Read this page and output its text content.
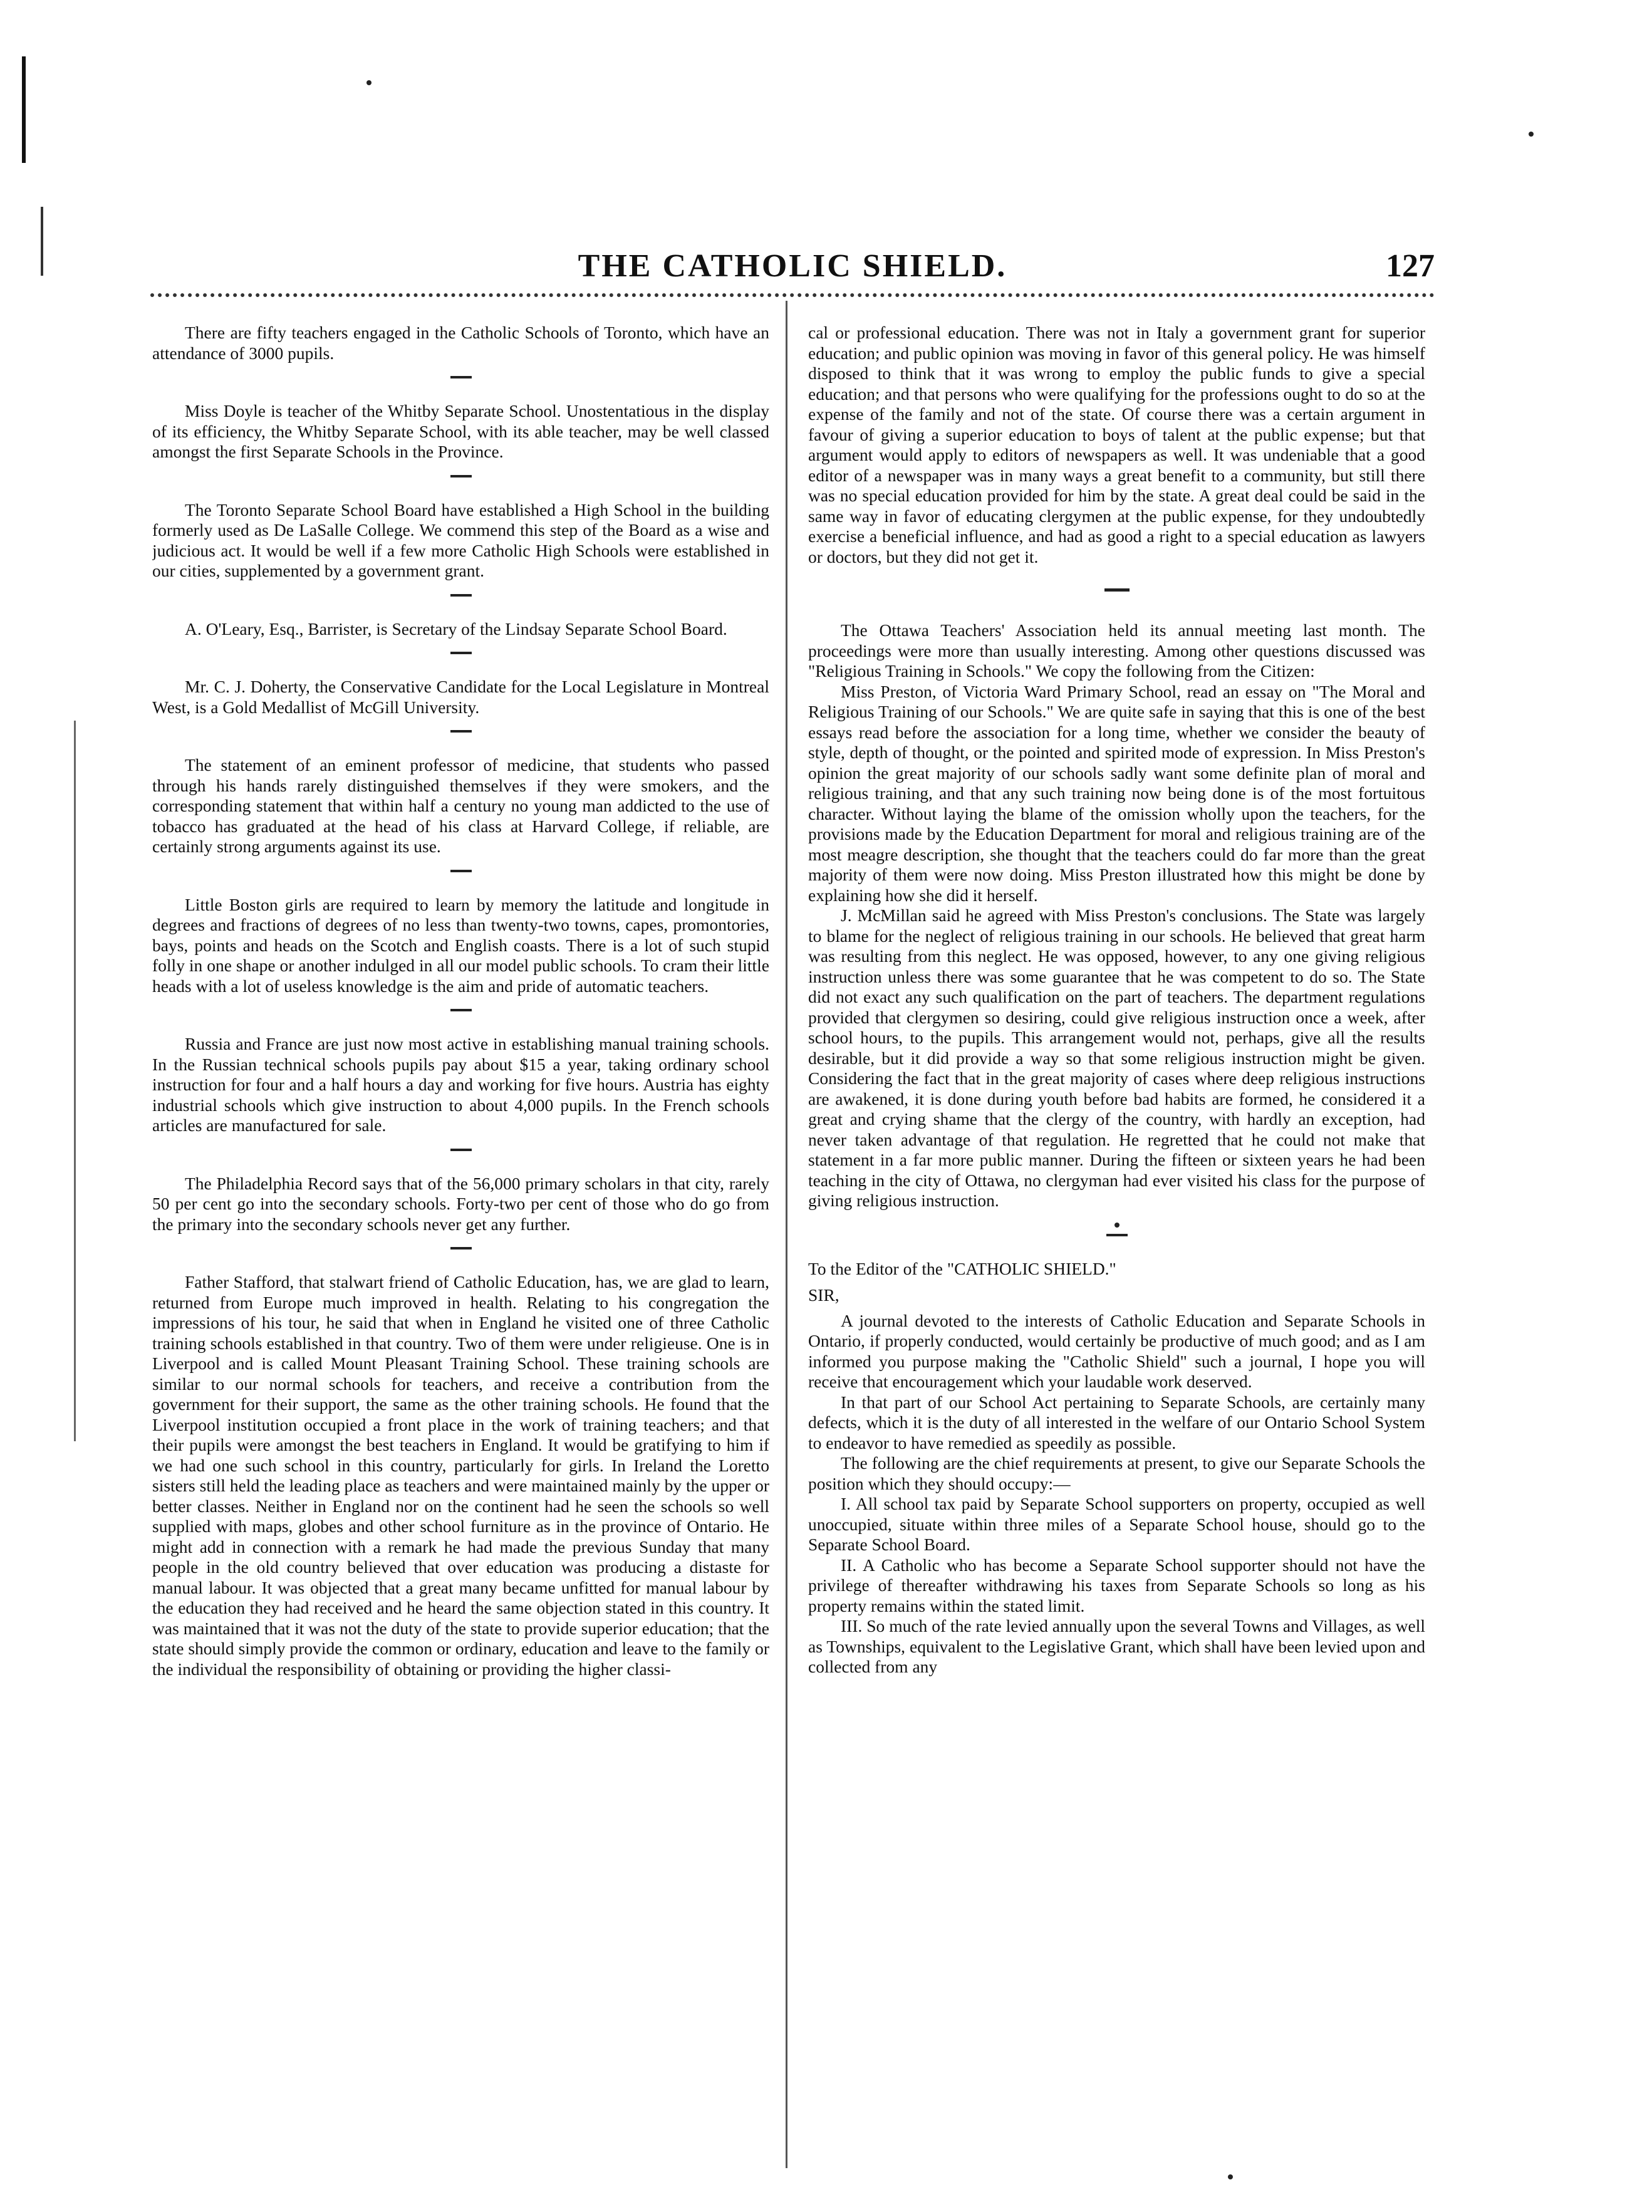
THE CATHOLIC SHIELD.	127

There are fifty teachers engaged in the Catholic Schools of Toronto, which have an attendance of 3000 pupils.

Miss Doyle is teacher of the Whitby Separate School. Unostentatious in the display of its efficiency, the Whitby Separate School, with its able teacher, may be well classed amongst the first Separate Schools in the Province.

The Toronto Separate School Board have established a High School in the building formerly used as De LaSalle College. We commend this step of the Board as a wise and judicious act. It would be well if a few more Catholic High Schools were established in our cities, supplemented by a government grant.

A. O'Leary, Esq., Barrister, is Secretary of the Lindsay Separate School Board.

Mr. C. J. Doherty, the Conservative Candidate for the Local Legislature in Montreal West, is a Gold Medallist of McGill University.

The statement of an eminent professor of medicine, that students who passed through his hands rarely distinguished themselves if they were smokers, and the corresponding statement that within half a century no young man addicted to the use of tobacco has graduated at the head of his class at Harvard College, if reliable, are certainly strong arguments against its use.

Little Boston girls are required to learn by memory the latitude and longitude in degrees and fractions of degrees of no less than twenty-two towns, capes, promontories, bays, points and heads on the Scotch and English coasts. There is a lot of such stupid folly in one shape or another indulged in all our model public schools. To cram their little heads with a lot of useless knowledge is the aim and pride of automatic teachers.

Russia and France are just now most active in establishing manual training schools. In the Russian technical schools pupils pay about $15 a year, taking ordinary school instruction for four and a half hours a day and working for five hours. Austria has eighty industrial schools which give instruction to about 4,000 pupils. In the French schools articles are manufactured for sale.

The Philadelphia Record says that of the 56,000 primary scholars in that city, rarely 50 per cent go into the secondary schools. Forty-two per cent of those who do go from the primary into the secondary schools never get any further.

Father Stafford, that stalwart friend of Catholic Education, has, we are glad to learn, returned from Europe much improved in health. Relating to his congregation the impressions of his tour, he said that when in England he visited one of three Catholic training schools established in that country. Two of them were under religieuse. One is in Liverpool and is called Mount Pleasant Training School. These training schools are similar to our normal schools for teachers, and receive a contribution from the government for their support, the same as the other training schools. He found that the Liverpool institution occupied a front place in the work of training teachers; and that their pupils were amongst the best teachers in England. It would be gratifying to him if we had one such school in this country, particularly for girls. In Ireland the Loretto sisters still held the leading place as teachers and were maintained mainly by the upper or better classes. Neither in England nor on the continent had he seen the schools so well supplied with maps, globes and other school furniture as in the province of Ontario. He might add in connection with a remark he had made the previous Sunday that many people in the old country believed that over education was producing a distaste for manual labour. It was objected that a great many became unfitted for manual labour by the education they had received and he heard the same objection stated in this country. It was maintained that it was not the duty of the state to provide superior education; that the state should simply provide the common or ordinary, education and leave to the family or the individual the responsibility of obtaining or providing the higher classi-

cal or professional education. There was not in Italy a government grant for superior education; and public opinion was moving in favor of this general policy. He was himself disposed to think that it was wrong to employ the public funds to give a special education; and that persons who were qualifying for the professions ought to do so at the expense of the family and not of the state. Of course there was a certain argument in favour of giving a superior education to boys of talent at the public expense; but that argument would apply to editors of newspapers as well. It was undeniable that a good editor of a newspaper was in many ways a great benefit to a community, but still there was no special education provided for him by the state. A great deal could be said in the same way in favor of educating clergymen at the public expense, for they undoubtedly exercise a beneficial influence, and had as good a right to a special education as lawyers or doctors, but they did not get it.

The Ottawa Teachers' Association held its annual meeting last month. The proceedings were more than usually interesting. Among other questions discussed was "Religious Training in Schools." We copy the following from the Citizen:

Miss Preston, of Victoria Ward Primary School, read an essay on "The Moral and Religious Training of our Schools." We are quite safe in saying that this is one of the best essays read before the association for a long time, whether we consider the beauty of style, depth of thought, or the pointed and spirited mode of expression. In Miss Preston's opinion the great majority of our schools sadly want some definite plan of moral and religious training, and that any such training now being done is of the most fortuitous character. Without laying the blame of the omission wholly upon the teachers, for the provisions made by the Education Department for moral and religious training are of the most meagre description, she thought that the teachers could do far more than the great majority of them were now doing. Miss Preston illustrated how this might be done by explaining how she did it herself.

J. McMillan said he agreed with Miss Preston's conclusions. The State was largely to blame for the neglect of religious training in our schools. He believed that great harm was resulting from this neglect. He was opposed, however, to any one giving religious instruction unless there was some guarantee that he was competent to do so. The State did not exact any such qualification on the part of teachers. The department regulations provided that clergymen so desiring, could give religious instruction once a week, after school hours, to the pupils. This arrangement would not, perhaps, give all the results desirable, but it did provide a way so that some religious instruction might be given. Considering the fact that in the great majority of cases where deep religious instructions are awakened, it is done during youth before bad habits are formed, he considered it a great and crying shame that the clergy of the country, with hardly an exception, had never taken advantage of that regulation. He regretted that he could not make that statement in a far more public manner. During the fifteen or sixteen years he had been teaching in the city of Ottawa, no clergyman had ever visited his class for the purpose of giving religious instruction.

To the Editor of the "CATHOLIC SHIELD."

SIR,

A journal devoted to the interests of Catholic Education and Separate Schools in Ontario, if properly conducted, would certainly be productive of much good; and as I am informed you purpose making the "Catholic Shield" such a journal, I hope you will receive that encouragement which your laudable work deserved.

In that part of our School Act pertaining to Separate Schools, are certainly many defects, which it is the duty of all interested in the welfare of our Ontario School System to endeavor to have remedied as speedily as possible.

The following are the chief requirements at present, to give our Separate Schools the position which they should occupy:—

I. All school tax paid by Separate School supporters on property, occupied as well unoccupied, situate within three miles of a Separate School house, should go to the Separate School Board.

II. A Catholic who has become a Separate School supporter should not have the privilege of thereafter withdrawing his taxes from Separate Schools so long as his property remains within the stated limit.

III. So much of the rate levied annually upon the several Towns and Villages, as well as Townships, equivalent to the Legislative Grant, which shall have been levied upon and collected from any
